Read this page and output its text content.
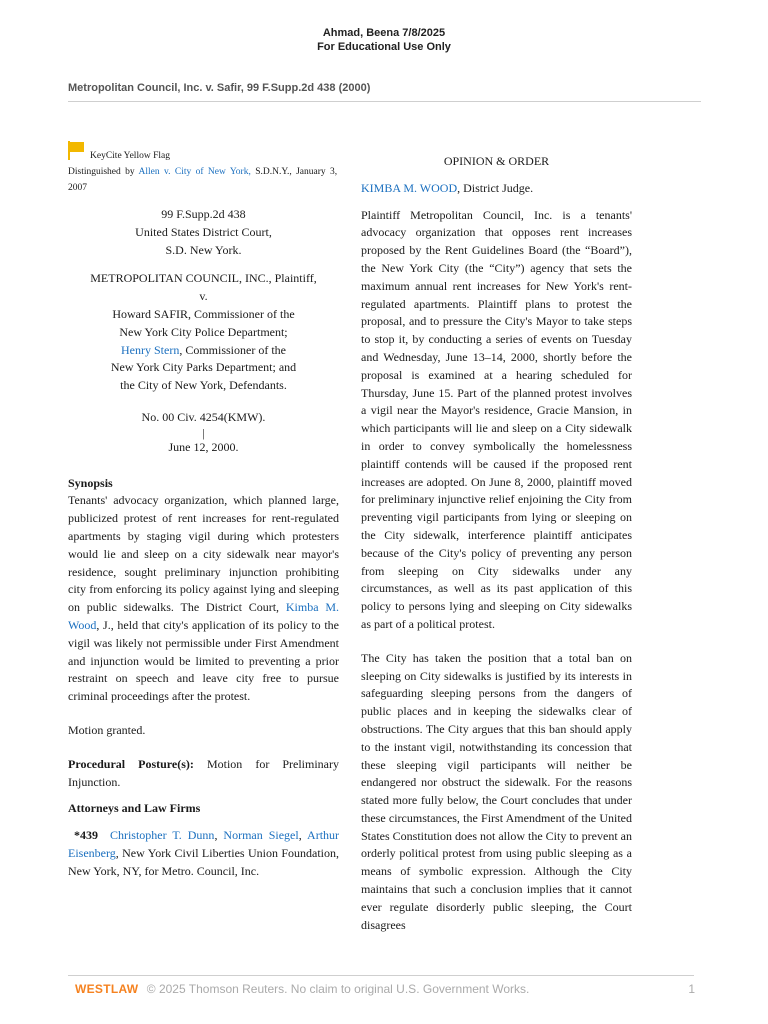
Ahmad, Beena 7/8/2025
For Educational Use Only
Metropolitan Council, Inc. v. Safir, 99 F.Supp.2d 438 (2000)
KeyCite Yellow Flag
Distinguished by Allen v. City of New York, S.D.N.Y., January 3, 2007
99 F.Supp.2d 438
United States District Court,
S.D. New York.
METROPOLITAN COUNCIL, INC., Plaintiff,
v.
Howard SAFIR, Commissioner of the
New York City Police Department;
Henry Stern, Commissioner of the
New York City Parks Department; and
the City of New York, Defendants.
No. 00 Civ. 4254(KMW).
|
June 12, 2000.
Synopsis

Tenants' advocacy organization, which planned large, publicized protest of rent increases for rent-regulated apartments by staging vigil during which protesters would lie and sleep on a city sidewalk near mayor's residence, sought preliminary injunction prohibiting city from enforcing its policy against lying and sleeping on public sidewalks. The District Court, Kimba M. Wood, J., held that city's application of its policy to the vigil was likely not permissible under First Amendment and injunction would be limited to preventing a prior restraint on speech and leave city free to pursue criminal proceedings after the protest.

Motion granted.

Procedural Posture(s): Motion for Preliminary Injunction.

Attorneys and Law Firms

*439 Christopher T. Dunn, Norman Siegel, Arthur Eisenberg, New York Civil Liberties Union Foundation, New York, NY, for Metro. Council, Inc.

OPINION & ORDER
KIMBA M. WOOD, District Judge.

Plaintiff Metropolitan Council, Inc. is a tenants' advocacy organization that opposes rent increases proposed by the Rent Guidelines Board (the “Board”), the New York City (the “City”) agency that sets the maximum annual rent increases for New York's rent-regulated apartments. Plaintiff plans to protest the proposal, and to pressure the City's Mayor to take steps to stop it, by conducting a series of events on Tuesday and Wednesday, June 13–14, 2000, shortly before the proposal is examined at a hearing scheduled for Thursday, June 15. Part of the planned protest involves a vigil near the Mayor's residence, Gracie Mansion, in which participants will lie and sleep on a City sidewalk in order to convey symbolically the homelessness plaintiff contends will be caused if the proposed rent increases are adopted. On June 8, 2000, plaintiff moved for preliminary injunctive relief enjoining the City from preventing vigil participants from lying or sleeping on the City sidewalk, interference plaintiff anticipates because of the City's policy of preventing any person from sleeping on City sidewalks under any circumstances, as well as its past application of this policy to persons lying and sleeping on City sidewalks as part of a political protest.

The City has taken the position that a total ban on sleeping on City sidewalks is justified by its interests in safeguarding sleeping persons from the dangers of public places and in keeping the sidewalks clear of obstructions. The City argues that this ban should apply to the instant vigil, notwithstanding its concession that these sleeping vigil participants will neither be endangered nor obstruct the sidewalk. For the reasons stated more fully below, the Court concludes that under these circumstances, the First Amendment of the United States Constitution does not allow the City to prevent an orderly political protest from using public sleeping as a means of symbolic expression. Although the City maintains that such a conclusion implies that it cannot ever regulate disorderly public sleeping, the Court disagrees

WESTLAW © 2025 Thomson Reuters. No claim to original U.S. Government Works.	1
